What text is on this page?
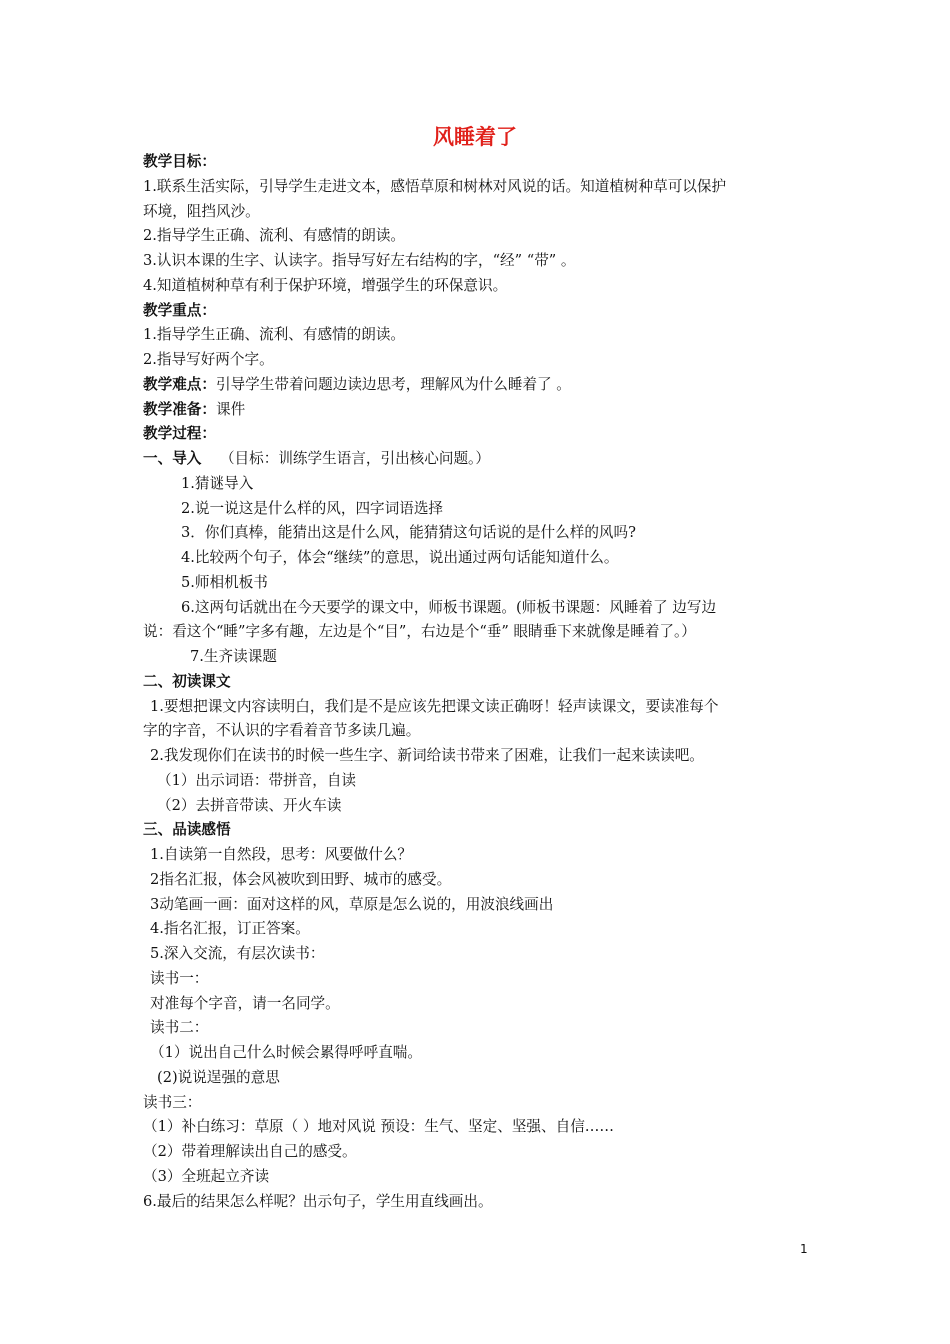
风睡着了
教学目标：
1.联系生活实际，引导学生走进文本，感悟草原和树林对风说的话。知道植树种草可以保护
环境，阻挡风沙。
2.指导学生正确、流利、有感情的朗读。
3.认识本课的生字、认读字。指导写好左右结构的字，“经” “带” 。
4.知道植树种草有利于保护环境，增强学生的环保意识。
教学重点：
1.指导学生正确、流利、有感情的朗读。
2.指导写好两个字。
教学难点：引导学生带着问题边读边思考，理解风为什么睡着了 。
教学准备：课件
教学过程：
一、导入 （目标：训练学生语言，引出核心问题。）
1.猜谜导入
2.说一说这是什么样的风，四字词语选择
3．你们真棒，能猜出这是什么风，能猜猜这句话说的是什么样的风吗?
4.比较两个句子，体会“继续”的意思，说出通过两句话能知道什么。
5.师相机板书
6.这两句话就出在今天要学的课文中，师板书课题。(师板书课题：风睡着了 边写边
说：看这个“睡”字多有趣，左边是个“目”，右边是个“垂” 眼睛垂下来就像是睡着了。）
7.生齐读课题
二、初读课文
1.要想把课文内容读明白，我们是不是应该先把课文读正确呀！轻声读课文，要读准每个
字的字音，不认识的字看着音节多读几遍。
2.我发现你们在读书的时候一些生字、新词给读书带来了困难，让我们一起来读读吧。
（1）出示词语：带拼音，自读
（2）去拼音带读、开火车读
三、品读感悟
1.自读第一自然段，思考：风要做什么？
2指名汇报，体会风被吹到田野、城市的感受。
3动笔画一画：面对这样的风，草原是怎么说的，用波浪线画出
4.指名汇报，订正答案。
5.深入交流，有层次读书：
读书一：
对准每个字音，请一名同学。
读书二：
（1）说出自己什么时候会累得呼呼直喘。
(2)说说逞强的意思
读书三：
（1）补白练习：草原（ ）地对风说 预设：生气、坚定、坚强、自信……
（2）带着理解读出自己的感受。
（3）全班起立齐读
6.最后的结果怎么样呢？出示句子，学生用直线画出。
1
